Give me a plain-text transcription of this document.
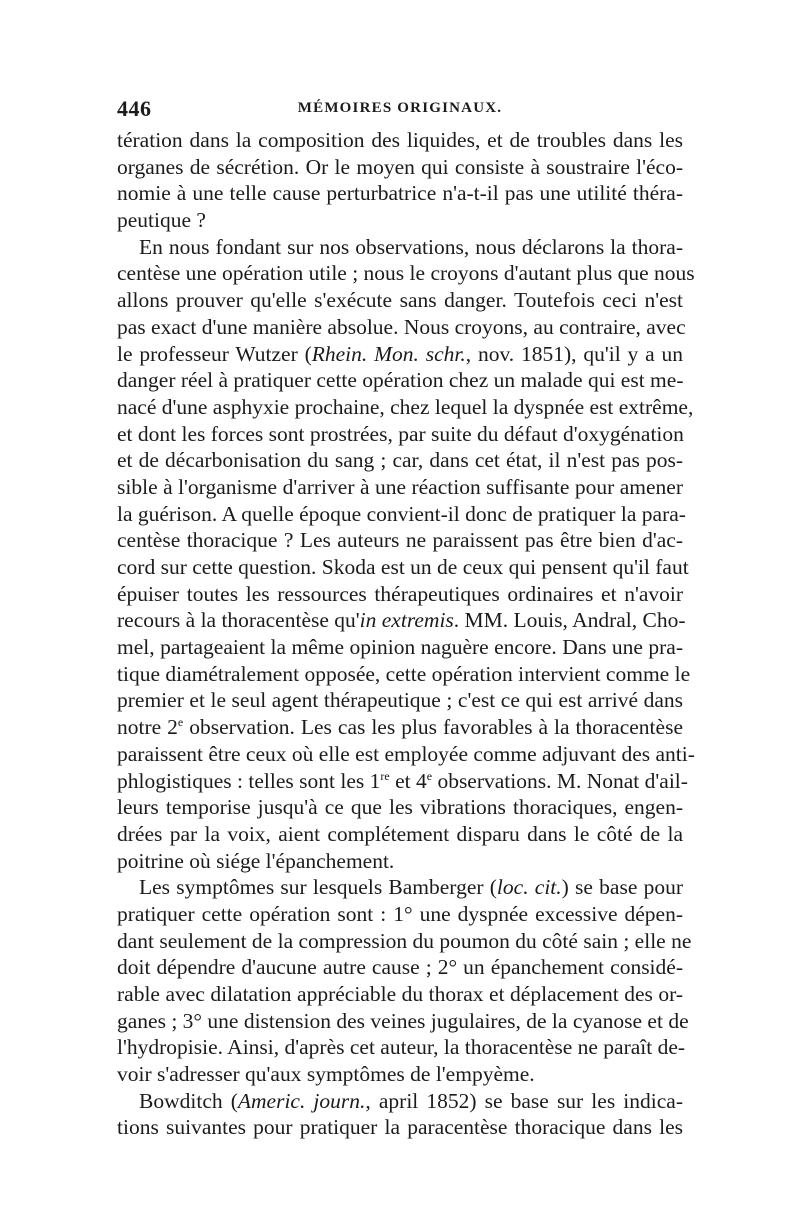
446	MÉMOIRES ORIGINAUX.
tération dans la composition des liquides, et de troubles dans les
organes de sécrétion. Or le moyen qui consiste à soustraire l'éco-
nomie à une telle cause perturbatrice n'a-t-il pas une utilité théra-
peutique ?
En nous fondant sur nos observations, nous déclarons la thora-
centèse une opération utile ; nous le croyons d'autant plus que nous
allons prouver qu'elle s'exécute sans danger. Toutefois ceci n'est
pas exact d'une manière absolue. Nous croyons, au contraire, avec
le professeur Wutzer (Rhein. Mon. schr., nov. 1851), qu'il y a un
danger réel à pratiquer cette opération chez un malade qui est me-
nacé d'une asphyxie prochaine, chez lequel la dyspnée est extrême,
et dont les forces sont prostrées, par suite du défaut d'oxygénation
et de décarbonisation du sang ; car, dans cet état, il n'est pas pos-
sible à l'organisme d'arriver à une réaction suffisante pour amener
la guérison. A quelle époque convient-il donc de pratiquer la para-
centèse thoracique ? Les auteurs ne paraissent pas être bien d'ac-
cord sur cette question. Skoda est un de ceux qui pensent qu'il faut
épuiser toutes les ressources thérapeutiques ordinaires et n'avoir
recours à la thoracentèse qu'in extremis. MM. Louis, Andral, Cho-
mel, partageaient la même opinion naguère encore. Dans une pra-
tique diamétralement opposée, cette opération intervient comme le
premier et le seul agent thérapeutique ; c'est ce qui est arrivé dans
notre 2e observation. Les cas les plus favorables à la thoracentèse
paraissent être ceux où elle est employée comme adjuvant des anti-
phlogistiques : telles sont les 1re et 4e observations. M. Nonat d'ail-
leurs temporise jusqu'à ce que les vibrations thoraciques, engen-
drées par la voix, aient complétement disparu dans le côté de la
poitrine où siége l'épanchement.
Les symptômes sur lesquels Bamberger (loc. cit.) se base pour
pratiquer cette opération sont : 1° une dyspnée excessive dépen-
dant seulement de la compression du poumon du côté sain ; elle ne
doit dépendre d'aucune autre cause ; 2° un épanchement considé-
rable avec dilatation appréciable du thorax et déplacement des or-
ganes ; 3° une distension des veines jugulaires, de la cyanose et de
l'hydropisie. Ainsi, d'après cet auteur, la thoracentèse ne paraît de-
voir s'adresser qu'aux symptômes de l'empyème.
Bowditch (Americ. journ., april 1852) se base sur les indica-
tions suivantes pour pratiquer la paracentèse thoracique dans les
